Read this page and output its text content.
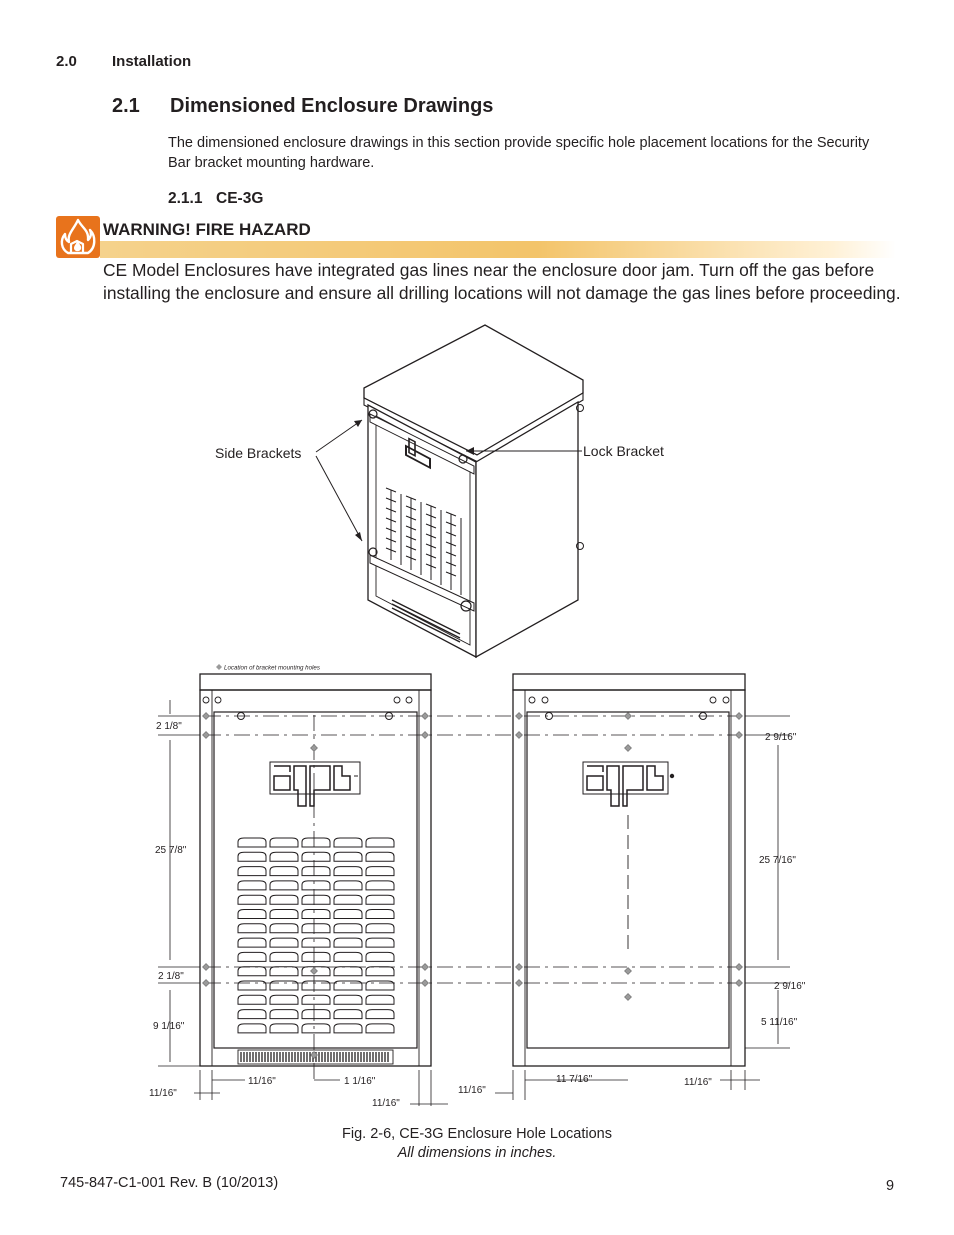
2.0 Installation
2.1 Dimensioned Enclosure Drawings
The dimensioned enclosure drawings in this section provide specific hole placement locations for the Security Bar bracket mounting hardware.
2.1.1 CE-3G
WARNING! FIRE HAZARD
CE Model Enclosures have integrated gas lines near the enclosure door jam. Turn off the gas before installing the enclosure and ensure all drilling locations will not damage the gas lines before proceeding.
Side Brackets	Lock Bracket
Location of bracket mounting holes
2 1/8"
25 7/8"
2 1/8"
9 1/16"
11/16"
11/16"	1 1/16"
11/16"
2 9/16"
25 7/16"
2 9/16"
5 11/16"
11/16"
11 7/16"	11/16"
Fig. 2-6, CE-3G Enclosure Hole Locations
All dimensions in inches.
745-847-C1-001 Rev. B (10/2013)	9
